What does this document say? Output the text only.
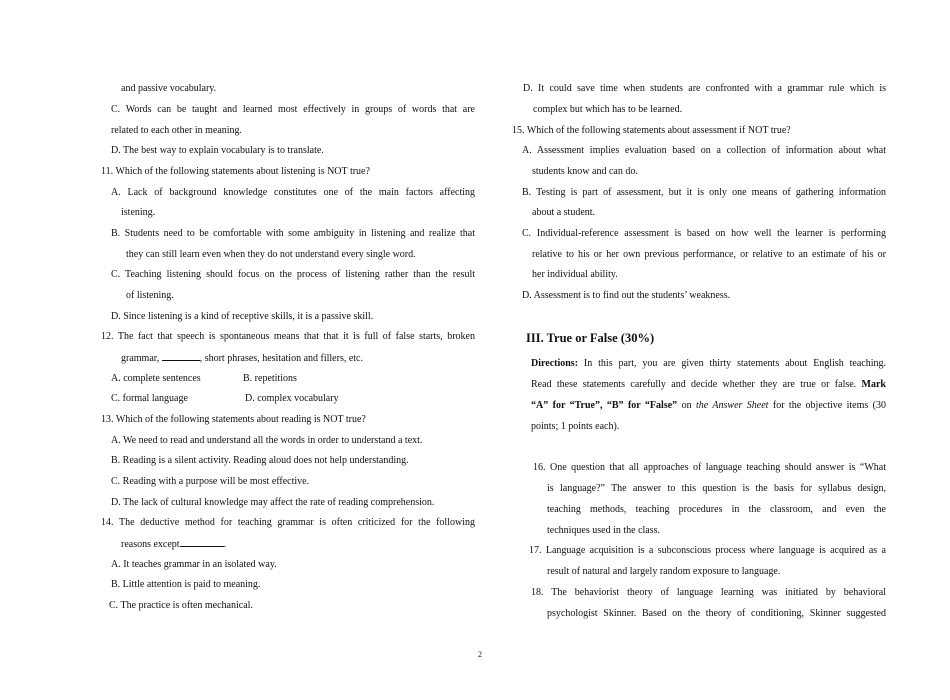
and passive vocabulary.
C. Words can be taught and learned most effectively in groups of words that are
related to each other in meaning.
D. The best way to explain vocabulary is to translate.
11. Which of the following statements about listening is NOT true?
A. Lack of background knowledge constitutes one of the main factors affecting
istening.
B. Students need to be comfortable with some ambiguity in listening and realize that
they can still learn even when they do not understand every single word.
C. Teaching listening should focus on the process of listening rather than the result
of listening.
D. Since listening is a kind of receptive skills, it is a passive skill.
12. The fact that speech is spontaneous means that that it is full of false starts, broken
grammar,	, short phrases, hesitation and fillers, etc.
A. complete sentences	B. repetitions
C. formal language	D. complex vocabulary
13. Which of the following statements about reading is NOT true?
A. We need to read and understand all the words in order to understand a text.
B. Reading is a silent activity. Reading aloud does not help understanding.
C. Reading with a purpose will be most effective.
D. The lack of cultural knowledge may affect the rate of reading comprehension.
14. The deductive method for teaching grammar is often criticized for the following
reasons except	.
A. It teaches grammar in an isolated way.
B. Little attention is paid to meaning.
C. The practice is often mechanical.
D. It could save time when students are confronted with a grammar rule which is
complex but which has to be learned.
15. Which of the following statements about assessment if NOT true?
A. Assessment implies evaluation based on a collection of information about what
students know and can do.
B. Testing is part of assessment, but it is only one means of gathering information
about a student.
C. Individual-reference assessment is based on how well the learner is performing
relative to his or her own previous performance, or relative to an estimate of his or
her individual ability.
D. Assessment is to find out the students’ weakness.
III. True or False (30%)
Directions: In this part, you are given thirty statements about English teaching.
Read these statements carefully and decide whether they are true or false. Mark
“A” for “True”, “B” for “False” on the Answer Sheet for the objective items (30
points; 1 points each).
16. One question that all approaches of language teaching should answer is “What
is language?” The answer to this question is the basis for syllabus design,
teaching methods, teaching procedures in the classroom, and even the
techniques used in the class.
17. Language acquisition is a subconscious process where language is acquired as a
result of natural and largely random exposure to language.
18. The behaviorist theory of language learning was initiated by behavioral
psychologist Skinner. Based on the theory of conditioning, Skinner suggested
2
